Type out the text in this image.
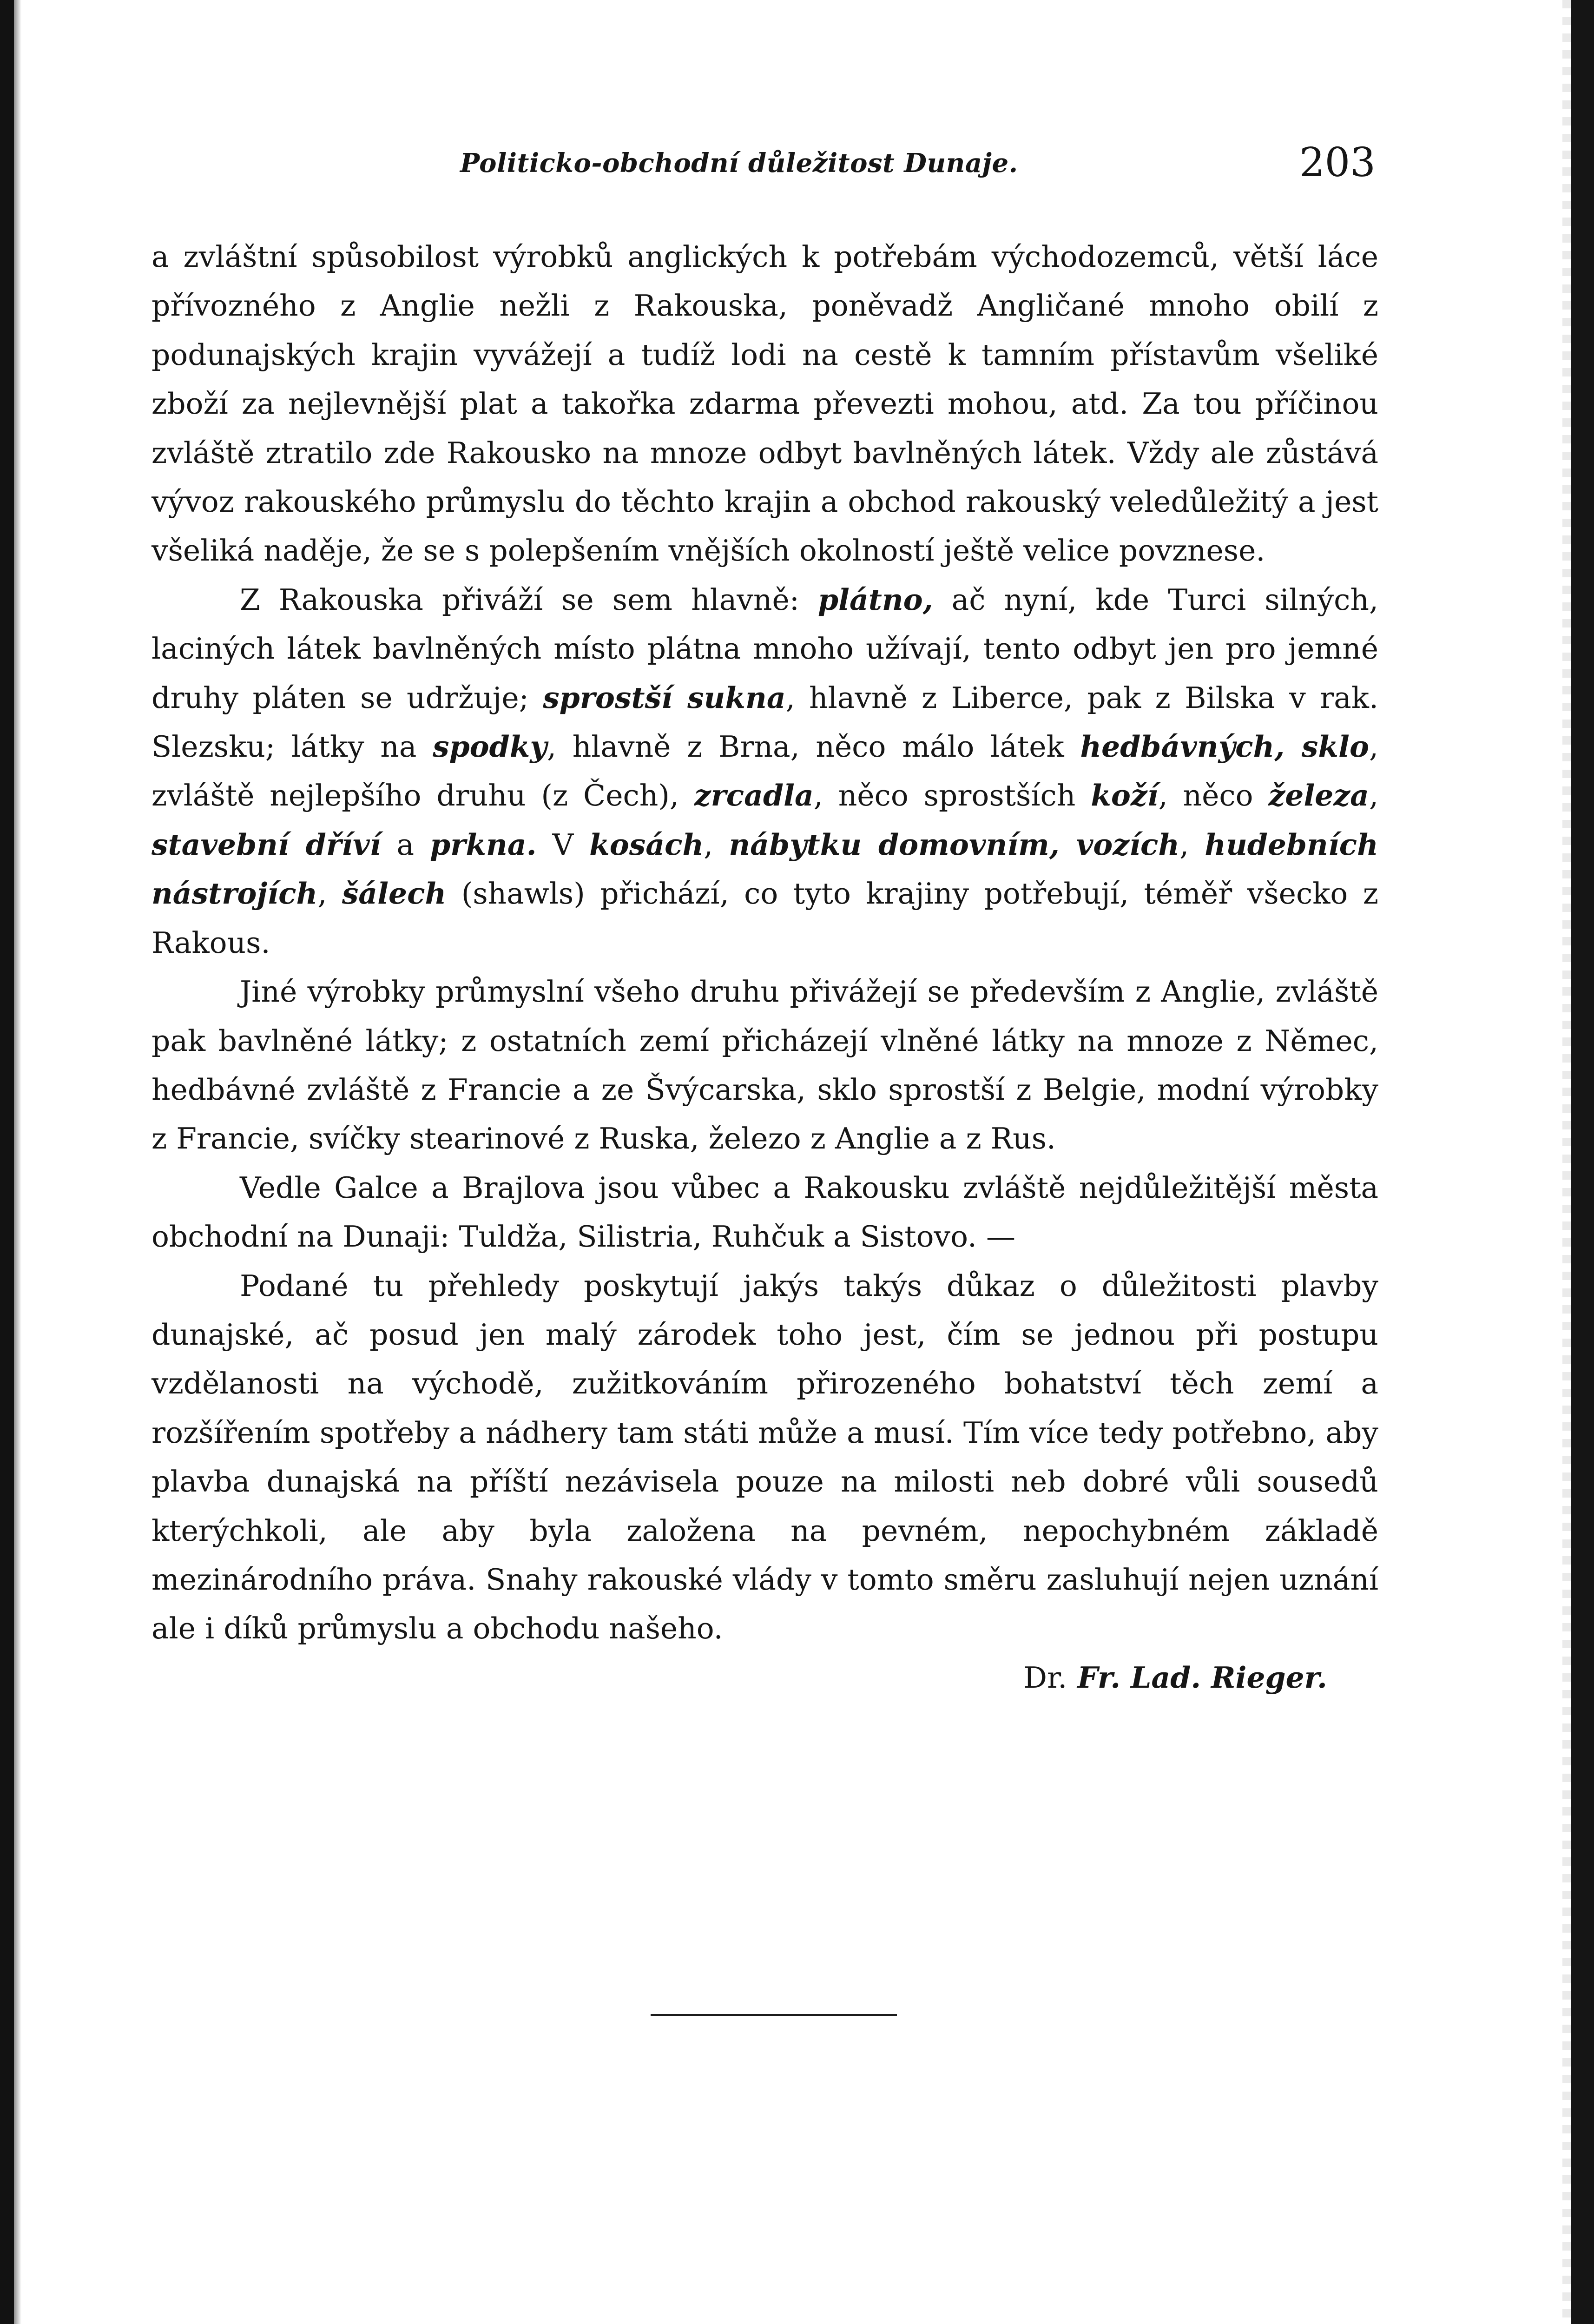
Politicko-obchodní důležitost Dunaje.	203

a zvláštní spůsobilost výrobků anglických k potřebám východozemců, větší láce přívozného z Anglie nežli z Rakouska, poněvadž Angličané mnoho obilí z podunajských krajin vyvážejí a tudíž lodi na cestě k tamním přístavům všeliké zboží za nejlevnější plat a takořka zdarma převezti mohou, atd. Za tou příčinou zvláště ztratilo zde Rakousko na mnoze odbyt bavlněných látek. Vždy ale zůstává vývoz rakouského průmyslu do těchto krajin a obchod rakouský veledůležitý a jest všeliká naděje, že se s polepšením vnějších okolností ještě velice povznese.

Z Rakouska přiváží se sem hlavně: plátno, ač nyní, kde Turci silných, laciných látek bavlněných místo plátna mnoho užívají, tento odbyt jen pro jemné druhy pláten se udržuje; sprostší sukna, hlavně z Liberce, pak z Bilska v rak. Slezsku; látky na spodky, hlavně z Brna, něco málo látek hedbávných, sklo, zvláště nejlepšího druhu (z Čech), zrcadla, něco sprostších koží, něco železa, stavební dříví a prkna. V kosách, nábytku domovním, vozích, hudebních nástrojích, šálech (shawls) přichází, co tyto krajiny potřebují, téměř všecko z Rakous.

Jiné výrobky průmyslní všeho druhu přivážejí se především z Anglie, zvláště pak bavlněné látky; z ostatních zemí přicházejí vlněné látky na mnoze z Němec, hedbávné zvláště z Francie a ze Švýcarska, sklo sprostší z Belgie, modní výrobky z Francie, svíčky stearinové z Ruska, železo z Anglie a z Rus.

Vedle Galce a Brajlova jsou vůbec a Rakousku zvláště nejdůležitější města obchodní na Dunaji: Tuldža, Silistria, Ruhčuk a Sistovo. —

Podané tu přehledy poskytují jakýs takýs důkaz o důležitosti plavby dunajské, ač posud jen malý zárodek toho jest, čím se jednou při postupu vzdělanosti na východě, zužitkováním přirozeného bohatství těch zemí a rozšířením spotřeby a nádhery tam státi může a musí. Tím více tedy potřebno, aby plavba dunajská na příští nezávisela pouze na milosti neb dobré vůli sousedů kterýchkoli, ale aby byla založena na pevném, nepochybném základě mezinárodního práva. Snahy rakouské vlády v tomto směru zasluhují nejen uznání ale i díků průmyslu a obchodu našeho.

Dr. Fr. Lad. Rieger.
